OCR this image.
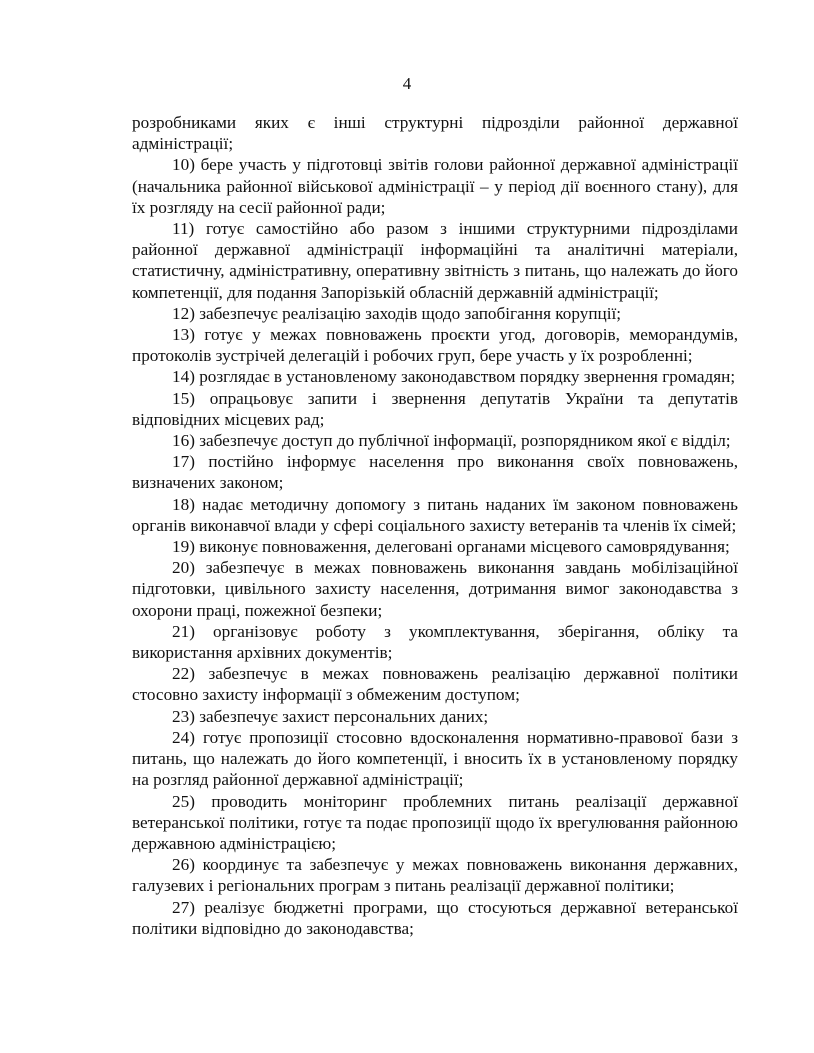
4

розробниками яких є інші структурні підрозділи районної державної адміністрації;

10) бере участь у підготовці звітів голови районної державної адміністрації (начальника районної військової адміністрації – у період дії воєнного стану), для їх розгляду на сесії районної ради;

11) готує самостійно або разом з іншими структурними підрозділами районної державної адміністрації інформаційні та аналітичні матеріали, статистичну, адміністративну, оперативну звітність з питань, що належать до його компетенції, для подання Запорізькій обласній державній адміністрації;

12) забезпечує реалізацію заходів щодо запобігання корупції;

13) готує у межах повноважень проєкти угод, договорів, меморандумів, протоколів зустрічей делегацій і робочих груп, бере участь у їх розробленні;

14) розглядає в установленому законодавством порядку звернення громадян;

15) опрацьовує запити і звернення депутатів України та депутатів відповідних місцевих рад;

16) забезпечує доступ до публічної інформації, розпорядником якої є відділ;

17) постійно інформує населення про виконання своїх повноважень, визначених законом;

18) надає методичну допомогу з питань наданих їм законом повноважень органів виконавчої влади у сфері соціального захисту ветеранів та членів їх сімей;

19) виконує повноваження, делеговані органами місцевого самоврядування;

20) забезпечує в межах повноважень виконання завдань мобілізаційної підготовки, цивільного захисту населення, дотримання вимог законодавства з охорони праці, пожежної безпеки;

21) організовує роботу з укомплектування, зберігання, обліку та використання архівних документів;

22) забезпечує в межах повноважень реалізацію державної політики стосовно захисту інформації з обмеженим доступом;

23) забезпечує захист персональних даних;

24) готує пропозиції стосовно вдосконалення нормативно-правової бази з питань, що належать до його компетенції, і вносить їх в установленому порядку на розгляд районної державної адміністрації;

25) проводить моніторинг проблемних питань реалізації державної ветеранської політики, готує та подає пропозиції щодо їх врегулювання районною державною адміністрацією;

26) координує та забезпечує у межах повноважень виконання державних, галузевих і регіональних програм з питань реалізації державної політики;

27) реалізує бюджетні програми, що стосуються державної ветеранської політики відповідно до законодавства;
